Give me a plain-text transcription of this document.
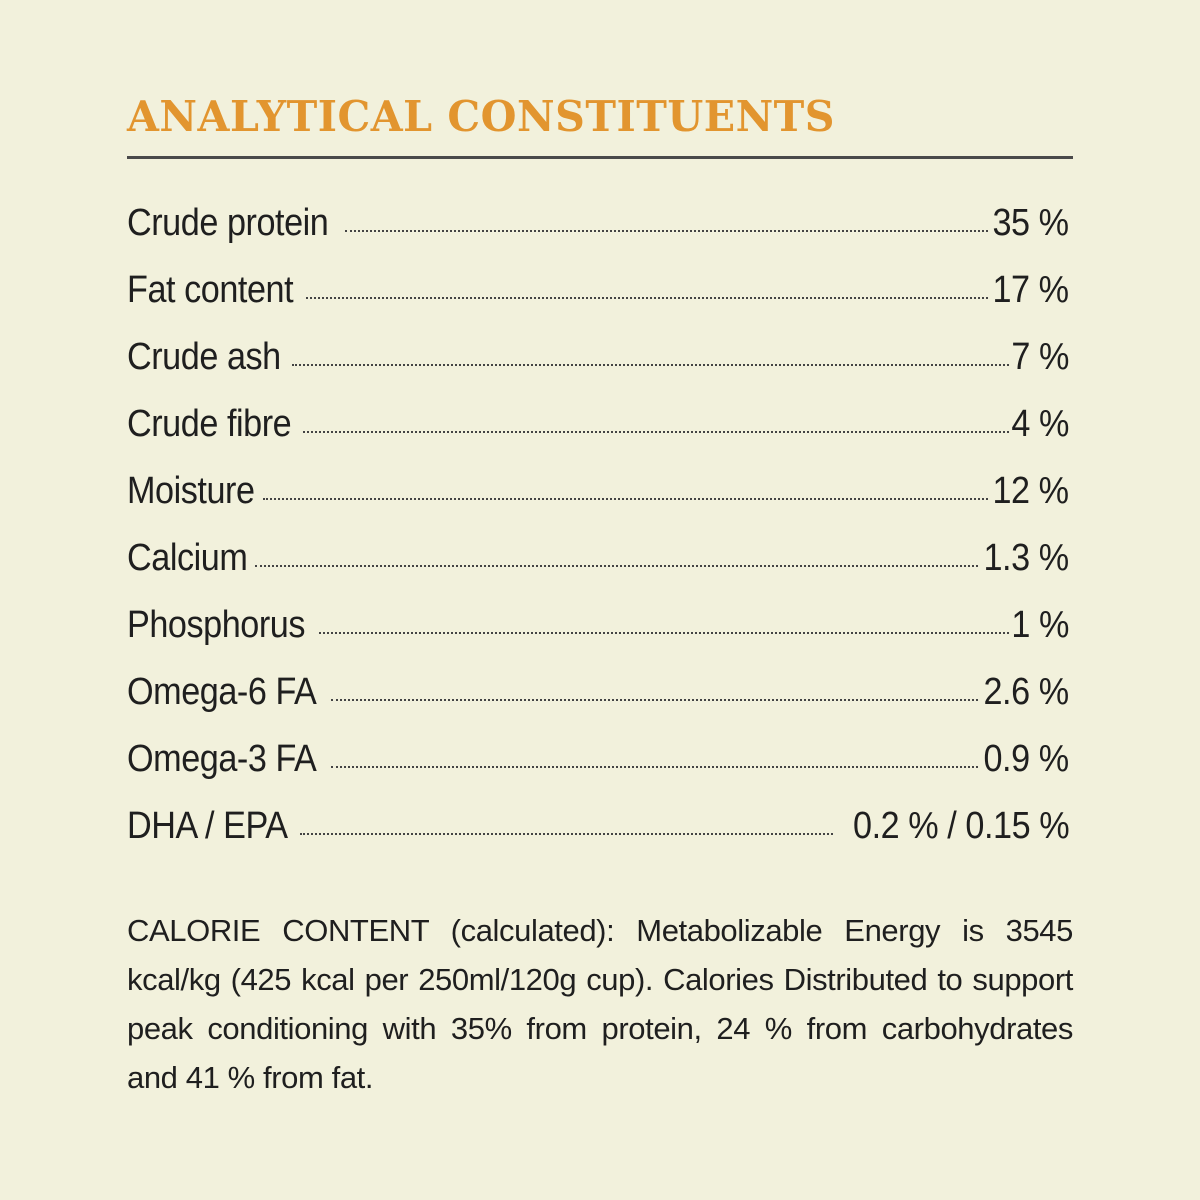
ANALYTICAL CONSTITUENTS
Crude protein	35 %
Fat content	17 %
Crude ash	7 %
Crude fibre	4 %
Moisture	12 %
Calcium	1.3 %
Phosphorus	1 %
Omega-6 FA	2.6 %
Omega-3 FA	0.9 %
DHA / EPA	0.2 % / 0.15 %

CALORIE CONTENT (calculated): Metabolizable Energy is 3545 kcal/kg (425 kcal per 250ml/120g cup). Calories Distributed to support peak conditioning with 35% from protein, 24 % from carbohydrates and 41 % from fat.
